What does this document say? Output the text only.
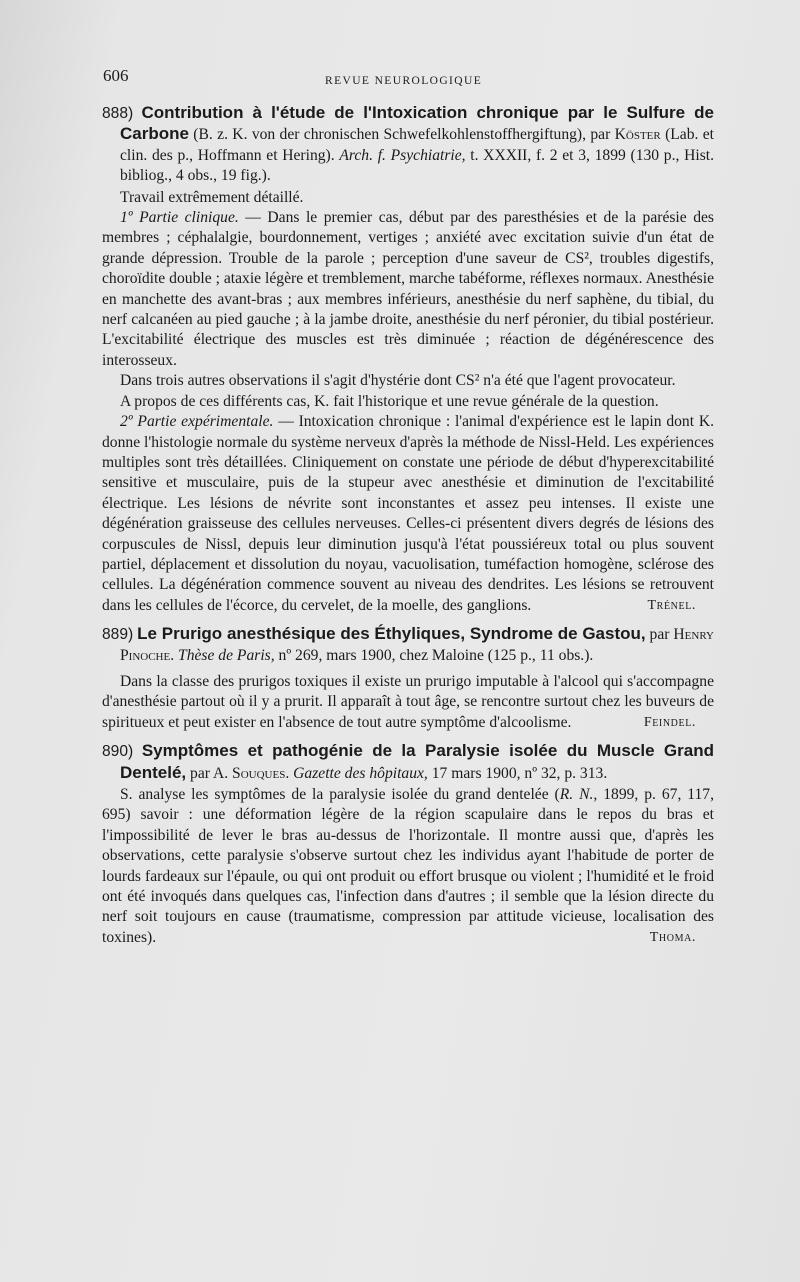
606	REVUE NEUROLOGIQUE

888) Contribution à l'étude de l'Intoxication chronique par le Sulfure de Carbone (B. z. K. von der chronischen Schwefelkohlenstoffhergiftung), par Köster (Lab. et clin. des p., Hoffmann et Hering). Arch. f. Psychiatrie, t. XXXII, f. 2 et 3, 1899 (130 p., Hist. bibliog., 4 obs., 19 fig.).

Travail extrêmement détaillé.

1º Partie clinique. — Dans le premier cas, début par des paresthésies et de la parésie des membres ; céphalalgie, bourdonnement, vertiges ; anxiété avec excitation suivie d'un état de grande dépression. Trouble de la parole ; perception d'une saveur de CS², troubles digestifs, choroïdite double ; ataxie légère et tremblement, marche tabéforme, réflexes normaux. Anesthésie en manchette des avant-bras ; aux membres inférieurs, anesthésie du nerf saphène, du tibial, du nerf calcanéen au pied gauche ; à la jambe droite, anesthésie du nerf péronier, du tibial postérieur. L'excitabilité électrique des muscles est très diminuée ; réaction de dégénérescence des interosseux.

Dans trois autres observations il s'agit d'hystérie dont CS² n'a été que l'agent provocateur.

A propos de ces différents cas, K. fait l'historique et une revue générale de la question.

2º Partie expérimentale. — Intoxication chronique : l'animal d'expérience est le lapin dont K. donne l'histologie normale du système nerveux d'après la méthode de Nissl-Held. Les expériences multiples sont très détaillées. Cliniquement on constate une période de début d'hyperexcitabilité sensitive et musculaire, puis de la stupeur avec anesthésie et diminution de l'excitabilité électrique. Les lésions de névrite sont inconstantes et assez peu intenses. Il existe une dégénération graisseuse des cellules nerveuses. Celles-ci présentent divers degrés de lésions des corpuscules de Nissl, depuis leur diminution jusqu'à l'état poussiéreux total ou plus souvent partiel, déplacement et dissolution du noyau, vacuolisation, tuméfaction homogène, sclérose des cellules. La dégénération commence souvent au niveau des dendrites. Les lésions se retrouvent dans les cellules de l'écorce, du cervelet, de la moelle, des ganglions.	Trénel.

889) Le Prurigo anesthésique des Éthyliques, Syndrome de Gastou, par Henry Pinoche. Thèse de Paris, nº 269, mars 1900, chez Maloine (125 p., 11 obs.).

Dans la classe des prurigos toxiques il existe un prurigo imputable à l'alcool qui s'accompagne d'anesthésie partout où il y a prurit. Il apparaît à tout âge, se rencontre surtout chez les buveurs de spiritueux et peut exister en l'absence de tout autre symptôme d'alcoolisme.	Feindel.

890) Symptômes et pathogénie de la Paralysie isolée du Muscle Grand Dentelé, par A. Souques. Gazette des hôpitaux, 17 mars 1900, nº 32, p. 313.

S. analyse les symptômes de la paralysie isolée du grand dentelée (R. N., 1899, p. 67, 117, 695) savoir : une déformation légère de la région scapulaire dans le repos du bras et l'impossibilité de lever le bras au-dessus de l'horizontale. Il montre aussi que, d'après les observations, cette paralysie s'observe surtout chez les individus ayant l'habitude de porter de lourds fardeaux sur l'épaule, ou qui ont produit ou effort brusque ou violent ; l'humidité et le froid ont été invoqués dans quelques cas, l'infection dans d'autres ; il semble que la lésion directe du nerf soit toujours en cause (traumatisme, compression par attitude vicieuse, localisation des toxines).	Thoma.
